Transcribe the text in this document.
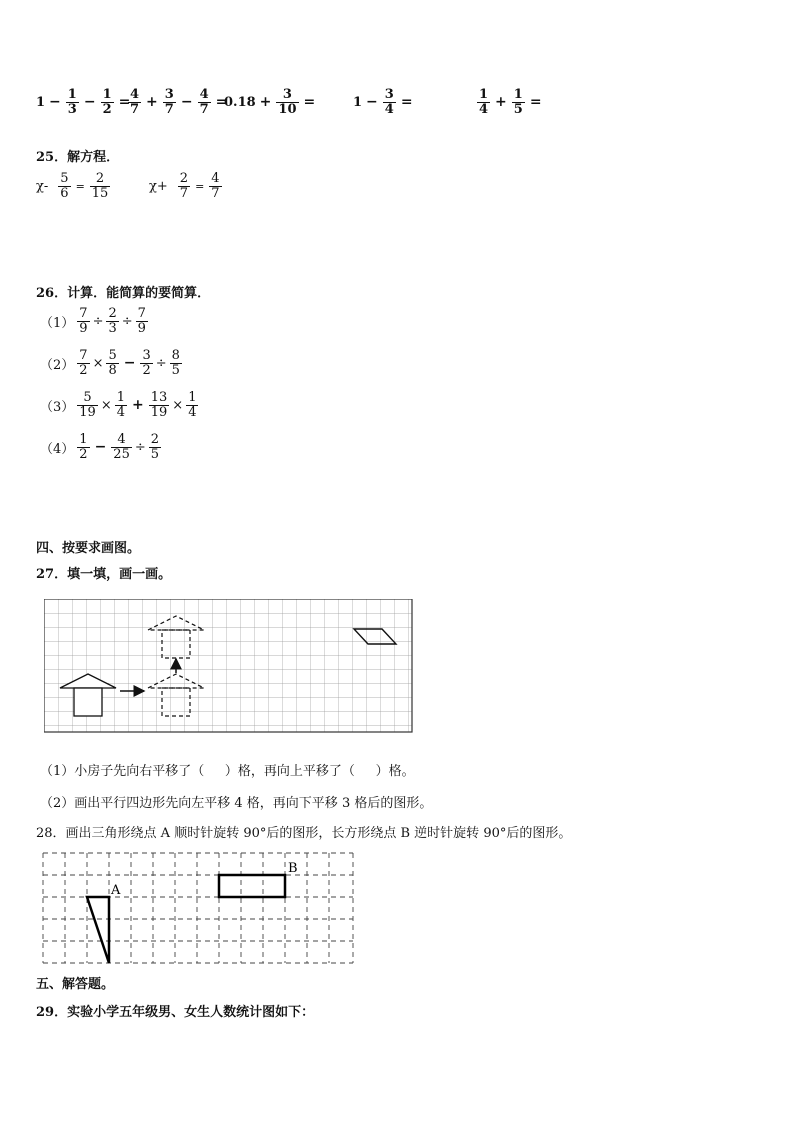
$1 - \frac{1}{3} - \frac{1}{2}$ =
$\frac{4}{7} + \frac{3}{7} - \frac{4}{7}$ =
$0.18 + \frac{3}{10}$ =	$1 - \frac{3}{4}$ =	$\frac{1}{4} + \frac{1}{5}$ =
25．解方程．
$\chi- \frac{5}{6} = \frac{2}{15}$	$\chi+ \frac{2}{7} = \frac{4}{7}$
26．计算．能简算的要简算．
$(1) \frac{7}{9} \div \frac{2}{3} \div \frac{7}{9}$
$(2) \frac{7}{2} \times \frac{5}{8} - \frac{3}{2} \div \frac{8}{5}$
$(3) \frac{5}{19} \times \frac{1}{4} + \frac{13}{19} \times \frac{1}{4}$
$(4) \frac{1}{2} - \frac{4}{25} \div \frac{2}{5}$
四、按要求画图。
27．填一填，画一画。
（1）小房子先向右平移了（     ）格，再向上平移了（     ）格。
（2）画出平行四边形先向左平移 4 格，再向下平移 3 格后的图形。
28．画出三角形绕点 A 顺时针旋转 90°后的图形，长方形绕点 B 逆时针旋转 90°后的图形。
A
B
五、解答题。
29．实验小学五年级男、女生人数统计图如下：
